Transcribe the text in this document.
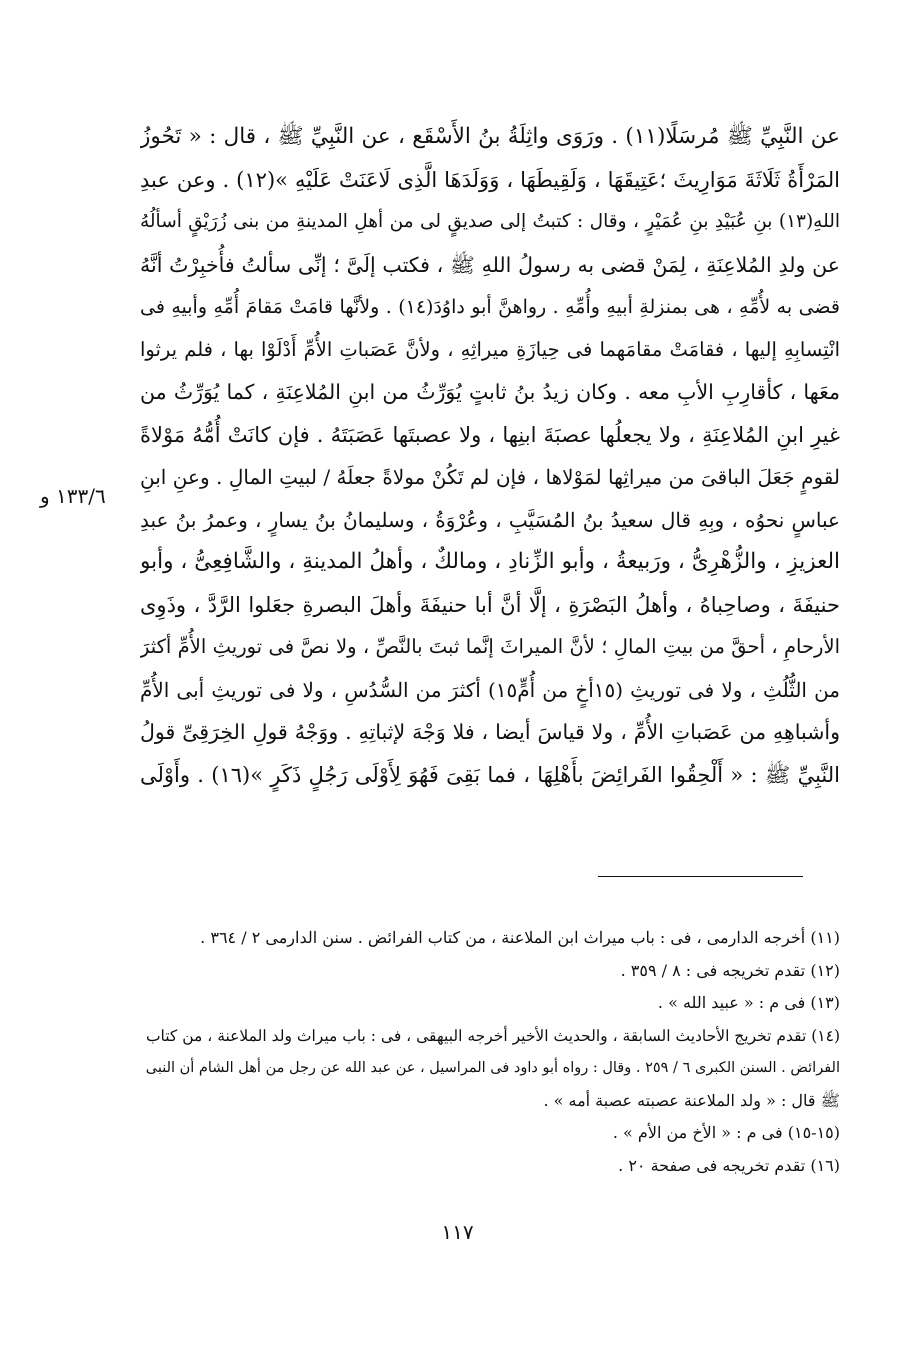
عن النَّبِيِّ ﷺ مُرسَلًا(١١) . ورَوَى واثِلَةُ بنُ الأَسْقَع ، عن النَّبِيِّ ﷺ ، قال : « تَحُوزُ
المَرْأَةُ ثَلَاثَةَ مَوَارِيثَ ؛عَتِيقَهَا ، وَلَقِيطَهَا ، وَوَلَدَهَا الَّذِى لَاعَنَتْ عَلَيْهِ »(١٢) . وعن عبدِ
اللهِ(١٣) بنِ عُبَيْدِ بنِ عُمَيْرٍ ، وقال : كتبتُ إلى صديقٍ لى من أهلِ المدينةِ من بنى زُرَيْقٍ أسألُهُ
عن ولدِ المُلاعِنَةِ ، لِمَنْ قضى به رسولُ اللهِ ﷺ ، فكتب إلَىَّ ؛ إنِّى سألتُ فأُخبِرْتُ أنَّهُ
قضى به لأُمِّهِ ، هى بمنزلةِ أبيهِ وأُمِّهِ . رواهنَّ أبو داوُدَ(١٤) . ولأنَّها قامَتْ مَقامَ أُمِّهِ وأبيهِ فى
انْتِسابِهِ إليها ، فقامَتْ مقامَهما فى حِيازَةِ ميراثِهِ ، ولأنَّ عَصَباتِ الأُمِّ أَدْلَوْا بها ، فلم يرثوا
معَها ، كأقارِبِ الأبِ معه . وكان زيدُ بنُ ثابتٍ يُوَرِّثُ من ابنِ المُلاعِنَةِ ، كما يُوَرِّثُ من
غيرِ ابنِ المُلاعِنَةِ ، ولا يجعلُها عصبَةَ ابنِها ، ولا عصبتَها عَصَبَتَهُ . فإن كانَتْ أُمُّهُ مَوْلاةً
لقومٍ جَعَلَ الباقىَ من ميراثِها لمَوْلاها ، فإن لم تَكُنْ مولاةً جعلَهُ / لبيتِ المالِ . وعنِ ابنِ
عباسٍ نحوُه ، وبِهِ قال سعيدُ بنُ المُسَيَّبِ ، وعُرْوَةُ ، وسليمانُ بنُ يسارٍ ، وعمرُ بنُ عبدِ
العزيزِ ، والزُّهْرِىُّ ، ورَبيعةُ ، وأبو الزِّنادِ ، ومالكٌ ، وأهلُ المدينةِ ، والشَّافِعِىُّ ، وأبو
حنيفَةَ ، وصاحِباهُ ، وأهلُ البَصْرَةِ ، إلَّا أنَّ أبا حنيفَةَ وأهلَ البصرةِ جعَلوا الرَّدَّ ، وذَوِى
الأرحامِ ، أحقَّ من بيتِ المالِ ؛ لأنَّ الميراثَ إنَّما ثبتَ بالنَّصِّ ، ولا نصَّ فى توريثِ الأُمِّ أكثرَ
من الثُّلُثِ ، ولا فى توريثِ (١٥أخٍ من أُمٍّ١٥) أكثرَ من السُّدُسِ ، ولا فى توريثِ أبى الأُمِّ
وأشباهِهِ من عَصَباتِ الأُمِّ ، ولا قياسَ أيضا ، فلا وَجْهَ لإثباتِهِ . ووَجْهُ قولِ الخِرَقِىِّ قولُ
النَّبِيِّ ﷺ : « أَلْحِقُوا الفَرائِضَ بأَهْلِهَا ، فما بَقِىَ فَهُوَ لِأَوْلَى رَجُلٍ ذَكَرٍ »(١٦) . وأَوْلَى
١٣٣/٦ و
(١١) أخرجه الدارمى ، فى : باب ميراث ابن الملاعنة ، من كتاب الفرائض . سنن الدارمى ٢ / ٣٦٤ .
(١٢) تقدم تخريجه فى : ٨ / ٣٥٩ .
(١٣) فى م : « عبيد الله » .
(١٤) تقدم تخريج الأحاديث السابقة ، والحديث الأخير أخرجه البيهقى ، فى : باب ميراث ولد الملاعنة ، من كتاب
الفرائض . السنن الكبرى ٦ / ٢٥٩ . وقال : رواه أبو داود فى المراسيل ، عن عبد الله عن رجل من أهل الشام أن النبى
ﷺ قال : « ولد الملاعنة عصبته عصبة أمه » .
(١٥-١٥) فى م : « الأخ من الأم » .
(١٦) تقدم تخريجه فى صفحة ٢٠ .
١١٧
